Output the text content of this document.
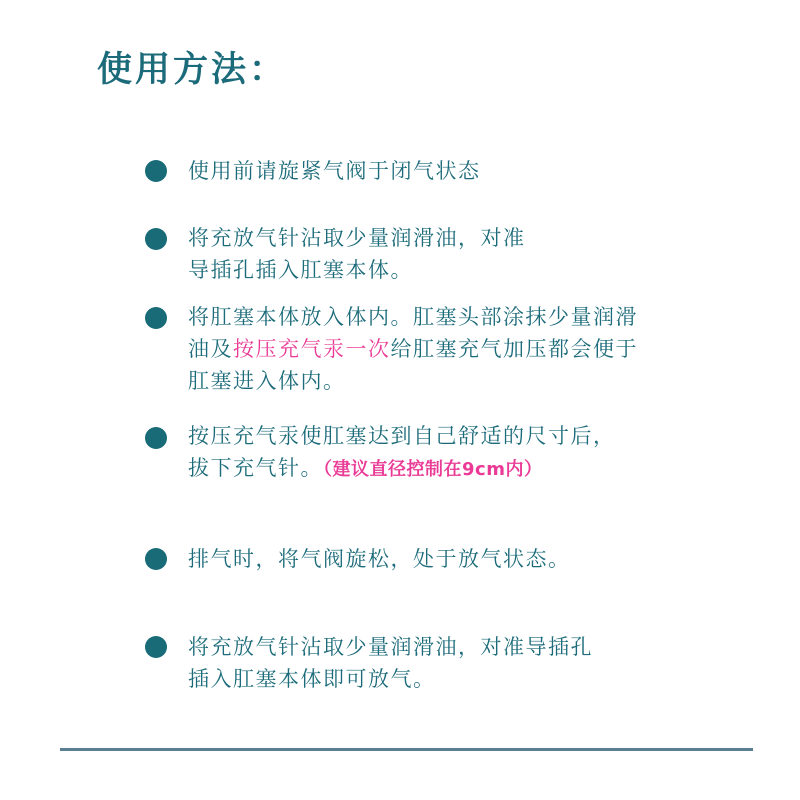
使用方法：
使用前请旋紧气阀于闭气状态
将充放气针沾取少量润滑油，对准
导插孔插入肛塞本体。
将肛塞本体放入体内。肛塞头部涂抹少量润滑
油及按压充气汞一次给肛塞充气加压都会便于
肛塞进入体内。
按压充气汞使肛塞达到自己舒适的尺寸后，
拔下充气针。（建议直径控制在9cm内）
排气时，将气阀旋松，处于放气状态。
将充放气针沾取少量润滑油，对准导插孔
插入肛塞本体即可放气。
